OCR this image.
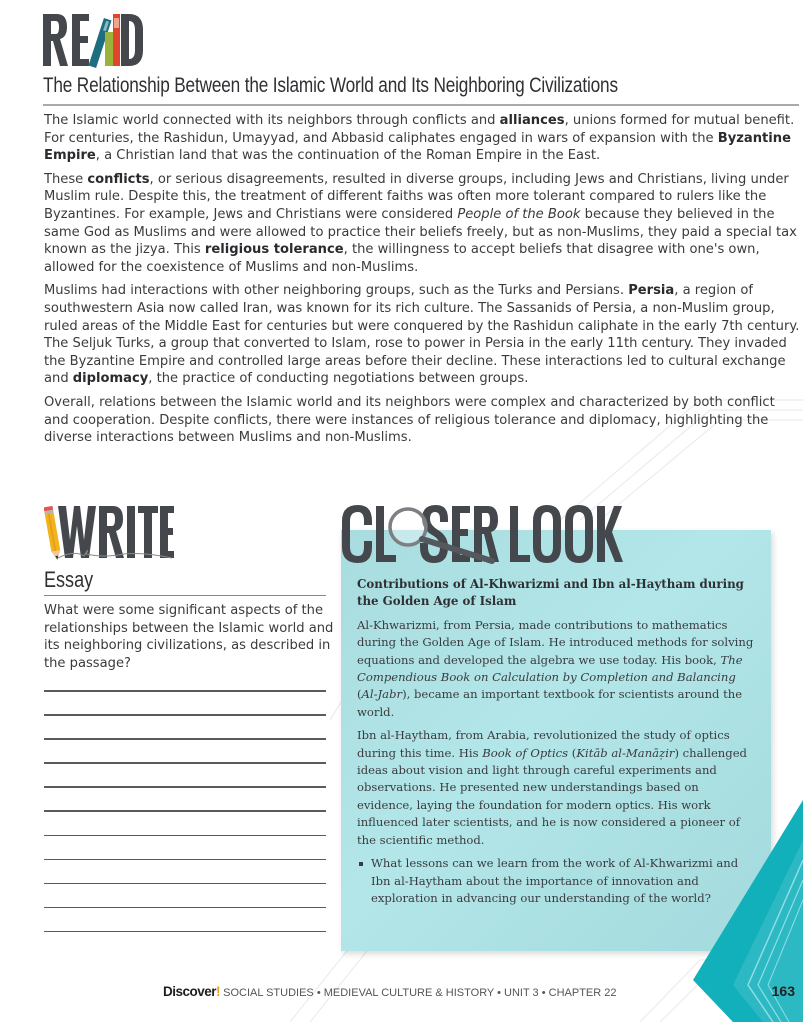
The Relationship Between the Islamic World and Its Neighboring Civilizations

The Islamic world connected with its neighbors through conflicts and alliances, unions formed for mutual benefit. For centuries, the Rashidun, Umayyad, and Abbasid caliphates engaged in wars of expansion with the Byzantine Empire, a Christian land that was the continuation of the Roman Empire in the East.

These conflicts, or serious disagreements, resulted in diverse groups, including Jews and Christians, living under Muslim rule. Despite this, the treatment of different faiths was often more tolerant compared to rulers like the Byzantines. For example, Jews and Christians were considered People of the Book because they believed in the same God as Muslims and were allowed to practice their beliefs freely, but as non-Muslims, they paid a special tax known as the jizya. This religious tolerance, the willingness to accept beliefs that disagree with one's own, allowed for the coexistence of Muslims and non-Muslims.

Muslims had interactions with other neighboring groups, such as the Turks and Persians. Persia, a region of southwestern Asia now called Iran, was known for its rich culture. The Sassanids of Persia, a non-Muslim group, ruled areas of the Middle East for centuries but were conquered by the Rashidun caliphate in the early 7th century. The Seljuk Turks, a group that converted to Islam, rose to power in Persia in the early 11th century. They invaded the Byzantine Empire and controlled large areas before their decline. These interactions led to cultural exchange and diplomacy, the practice of conducting negotiations between groups.

Overall, relations between the Islamic world and its neighbors were complex and characterized by both conflict and cooperation. Despite conflicts, there were instances of religious tolerance and diplomacy, highlighting the diverse interactions between Muslims and non-Muslims.

Essay
What were some significant aspects of the relationships between the Islamic world and its neighboring civilizations, as described in the passage?
Contributions of Al-Khwarizmi and Ibn al-Haytham during the Golden Age of Islam

Al-Khwarizmi, from Persia, made contributions to mathematics during the Golden Age of Islam. He introduced methods for solving equations and developed the algebra we use today. His book, The Compendious Book on Calculation by Completion and Balancing (Al-Jabr), became an important textbook for scientists around the world.

Ibn al-Haytham, from Arabia, revolutionized the study of optics during this time. His Book of Optics (Kitāb al-Manāẓir) challenged ideas about vision and light through careful experiments and observations. He presented new understandings based on evidence, laying the foundation for modern optics. His work influenced later scientists, and he is now considered a pioneer of the scientific method.

What lessons can we learn from the work of Al-Khwarizmi and Ibn al-Haytham about the importance of innovation and exploration in advancing our understanding of the world?
Discover! SOCIAL STUDIES • MEDIEVAL CULTURE & HISTORY • UNIT 3 • CHAPTER 22	163
